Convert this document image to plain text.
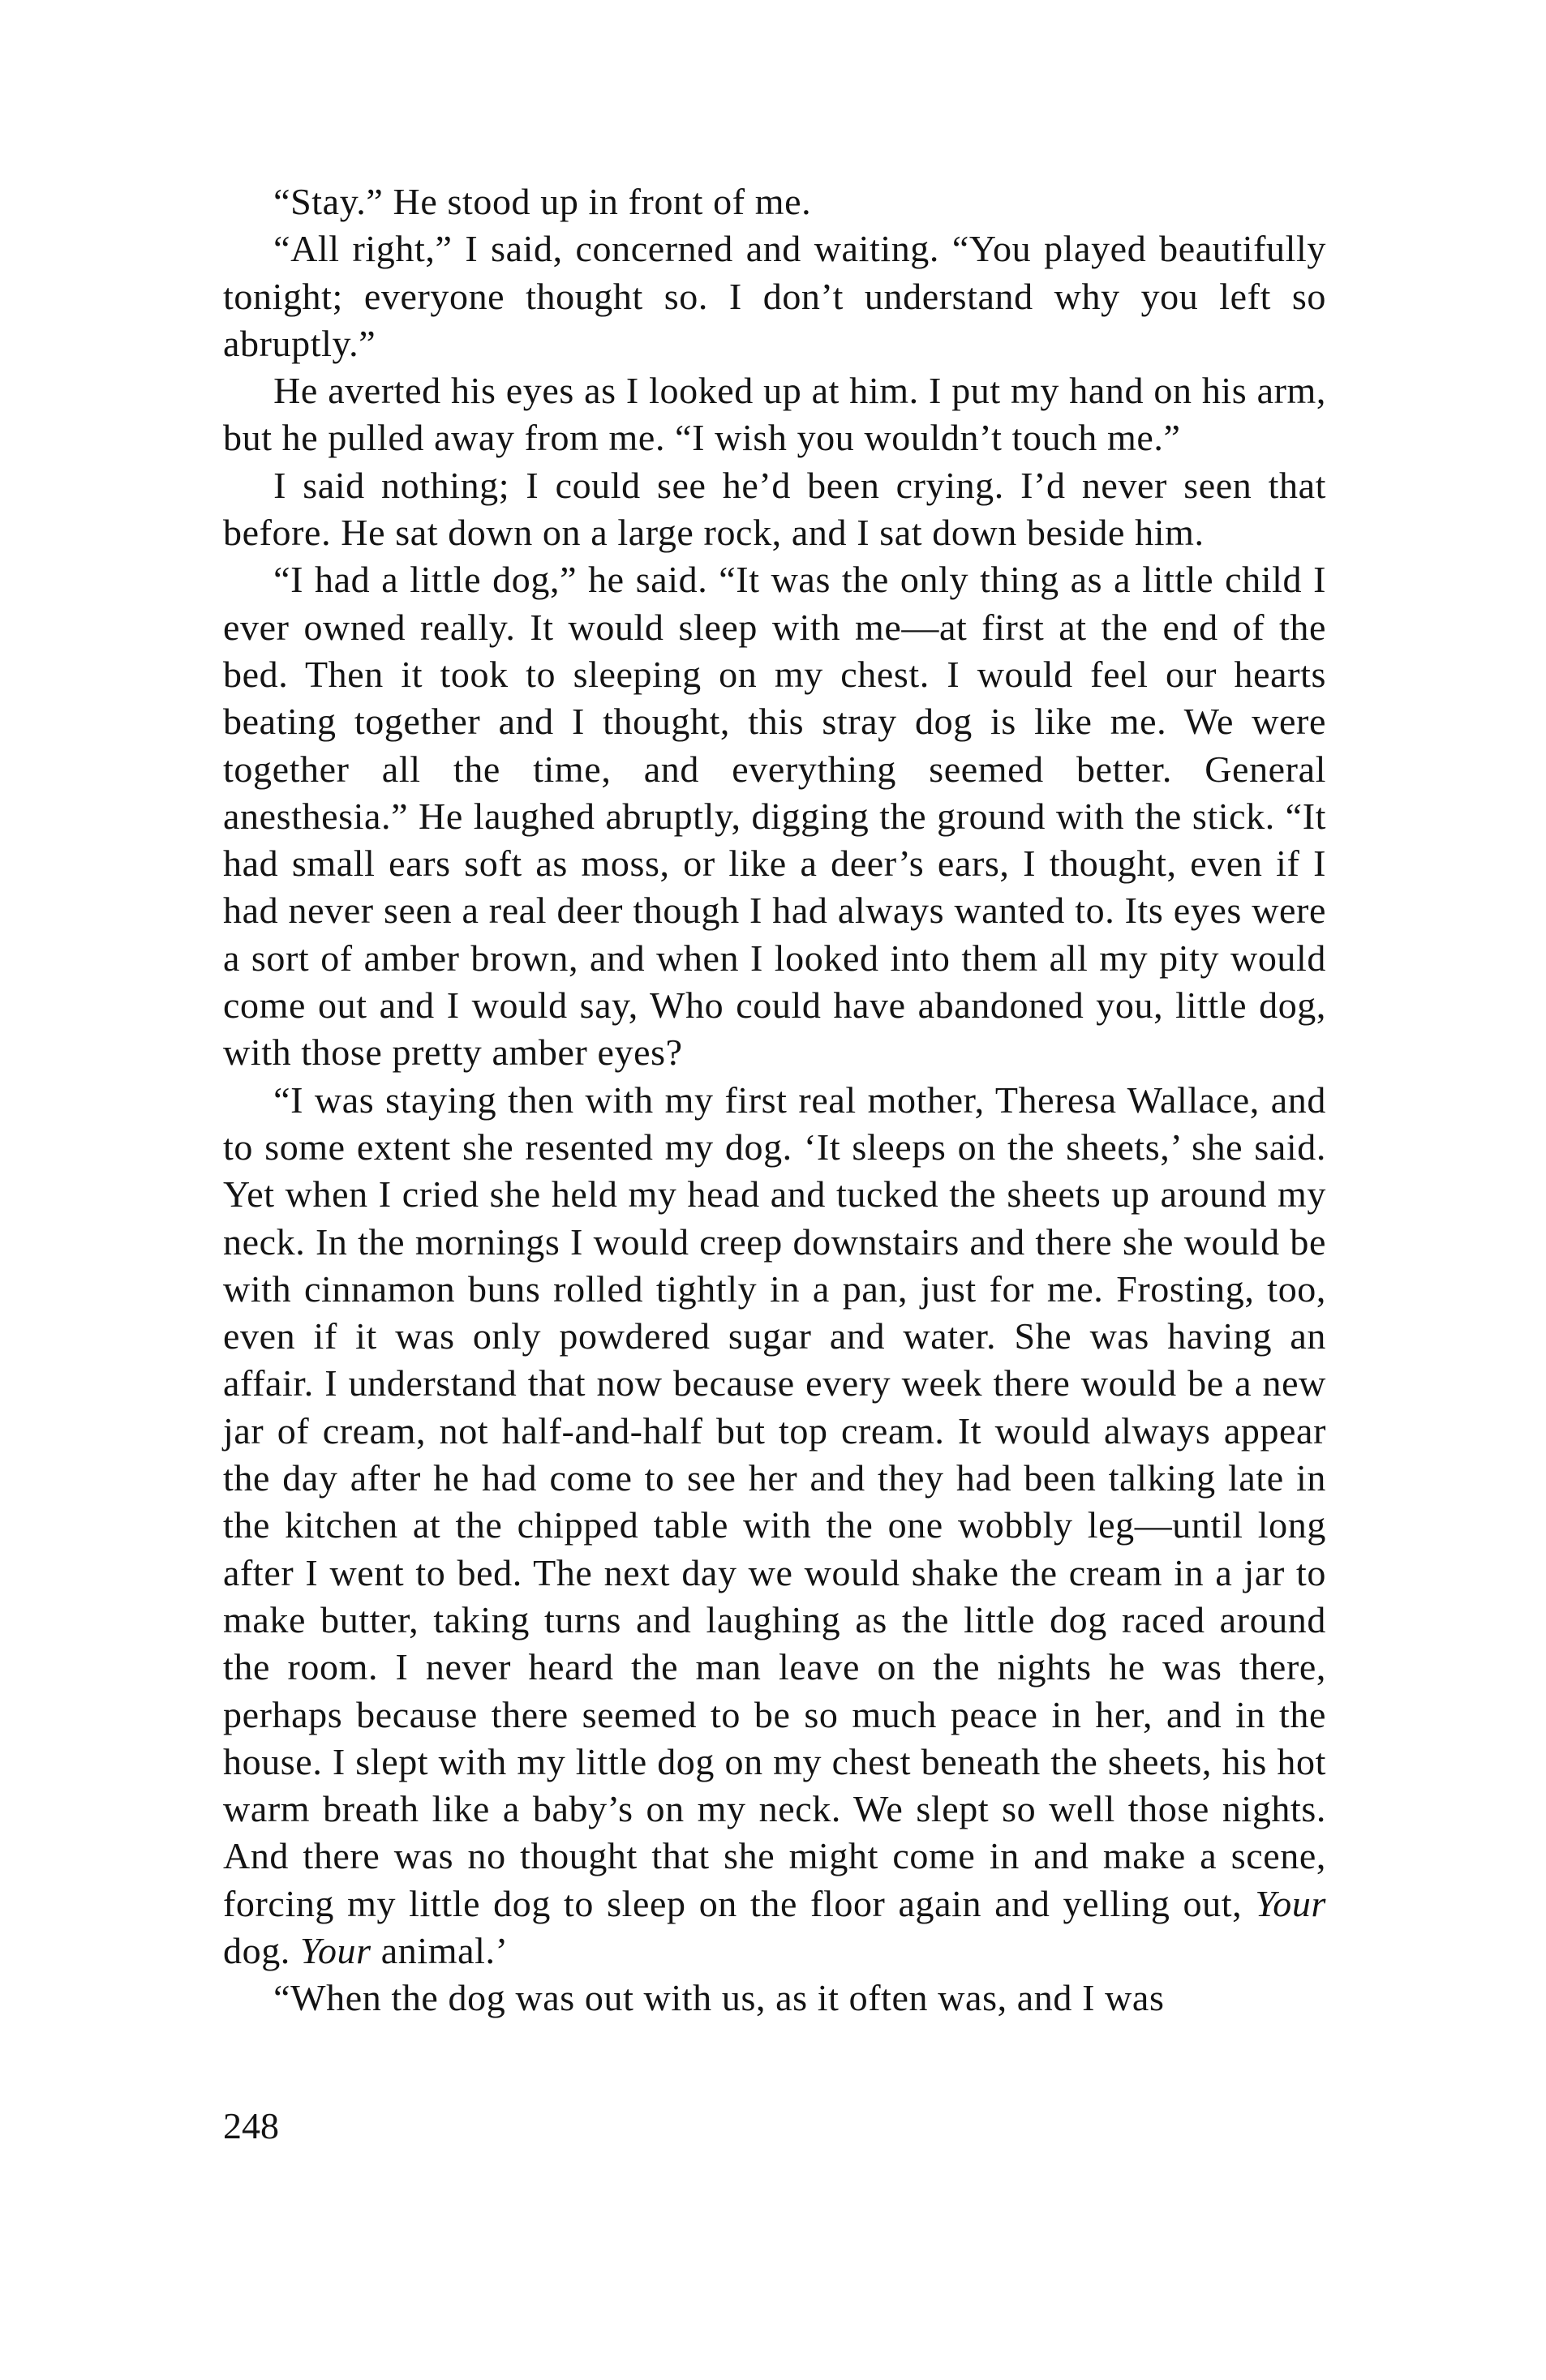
“Stay.” He stood up in front of me.

“All right,” I said, concerned and waiting. “You played beautifully tonight; everyone thought so. I don’t understand why you left so abruptly.”

He averted his eyes as I looked up at him. I put my hand on his arm, but he pulled away from me. “I wish you wouldn’t touch me.”

I said nothing; I could see he’d been crying. I’d never seen that before. He sat down on a large rock, and I sat down beside him.

“I had a little dog,” he said. “It was the only thing as a little child I ever owned really. It would sleep with me—at first at the end of the bed. Then it took to sleeping on my chest. I would feel our hearts beating together and I thought, this stray dog is like me. We were together all the time, and everything seemed better. General anesthesia.” He laughed abruptly, digging the ground with the stick. “It had small ears soft as moss, or like a deer’s ears, I thought, even if I had never seen a real deer though I had always wanted to. Its eyes were a sort of amber brown, and when I looked into them all my pity would come out and I would say, Who could have abandoned you, little dog, with those pretty amber eyes?

“I was staying then with my first real mother, Theresa Wallace, and to some extent she resented my dog. ‘It sleeps on the sheets,’ she said. Yet when I cried she held my head and tucked the sheets up around my neck. In the mornings I would creep downstairs and there she would be with cinnamon buns rolled tightly in a pan, just for me. Frosting, too, even if it was only powdered sugar and water. She was having an affair. I understand that now because every week there would be a new jar of cream, not half-and-half but top cream. It would always appear the day after he had come to see her and they had been talking late in the kitchen at the chipped table with the one wobbly leg—until long after I went to bed. The next day we would shake the cream in a jar to make butter, taking turns and laughing as the little dog raced around the room. I never heard the man leave on the nights he was there, perhaps because there seemed to be so much peace in her, and in the house. I slept with my little dog on my chest beneath the sheets, his hot warm breath like a baby’s on my neck. We slept so well those nights. And there was no thought that she might come in and make a scene, forcing my little dog to sleep on the floor again and yelling out, Your dog. Your animal.’

“When the dog was out with us, as it often was, and I was

248
